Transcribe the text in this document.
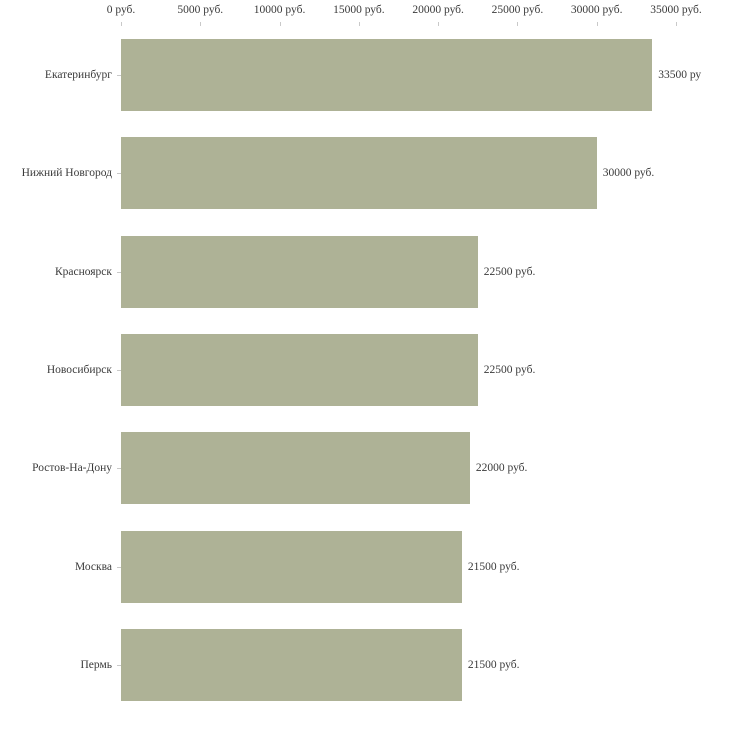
0 руб.	5000 руб.	10000 руб. 15000 руб. 20000 руб. 25000 руб. 30000 руб. 35000 руб.
33500 ру
Екатеринбург
30000 руб.
Нижний Новгород
22500 руб.
Красноярск
22500 руб.
Новосибирск
22000 руб.
Ростов-На-Дону
21500 руб.
Москва
21500 руб.
Пермь
